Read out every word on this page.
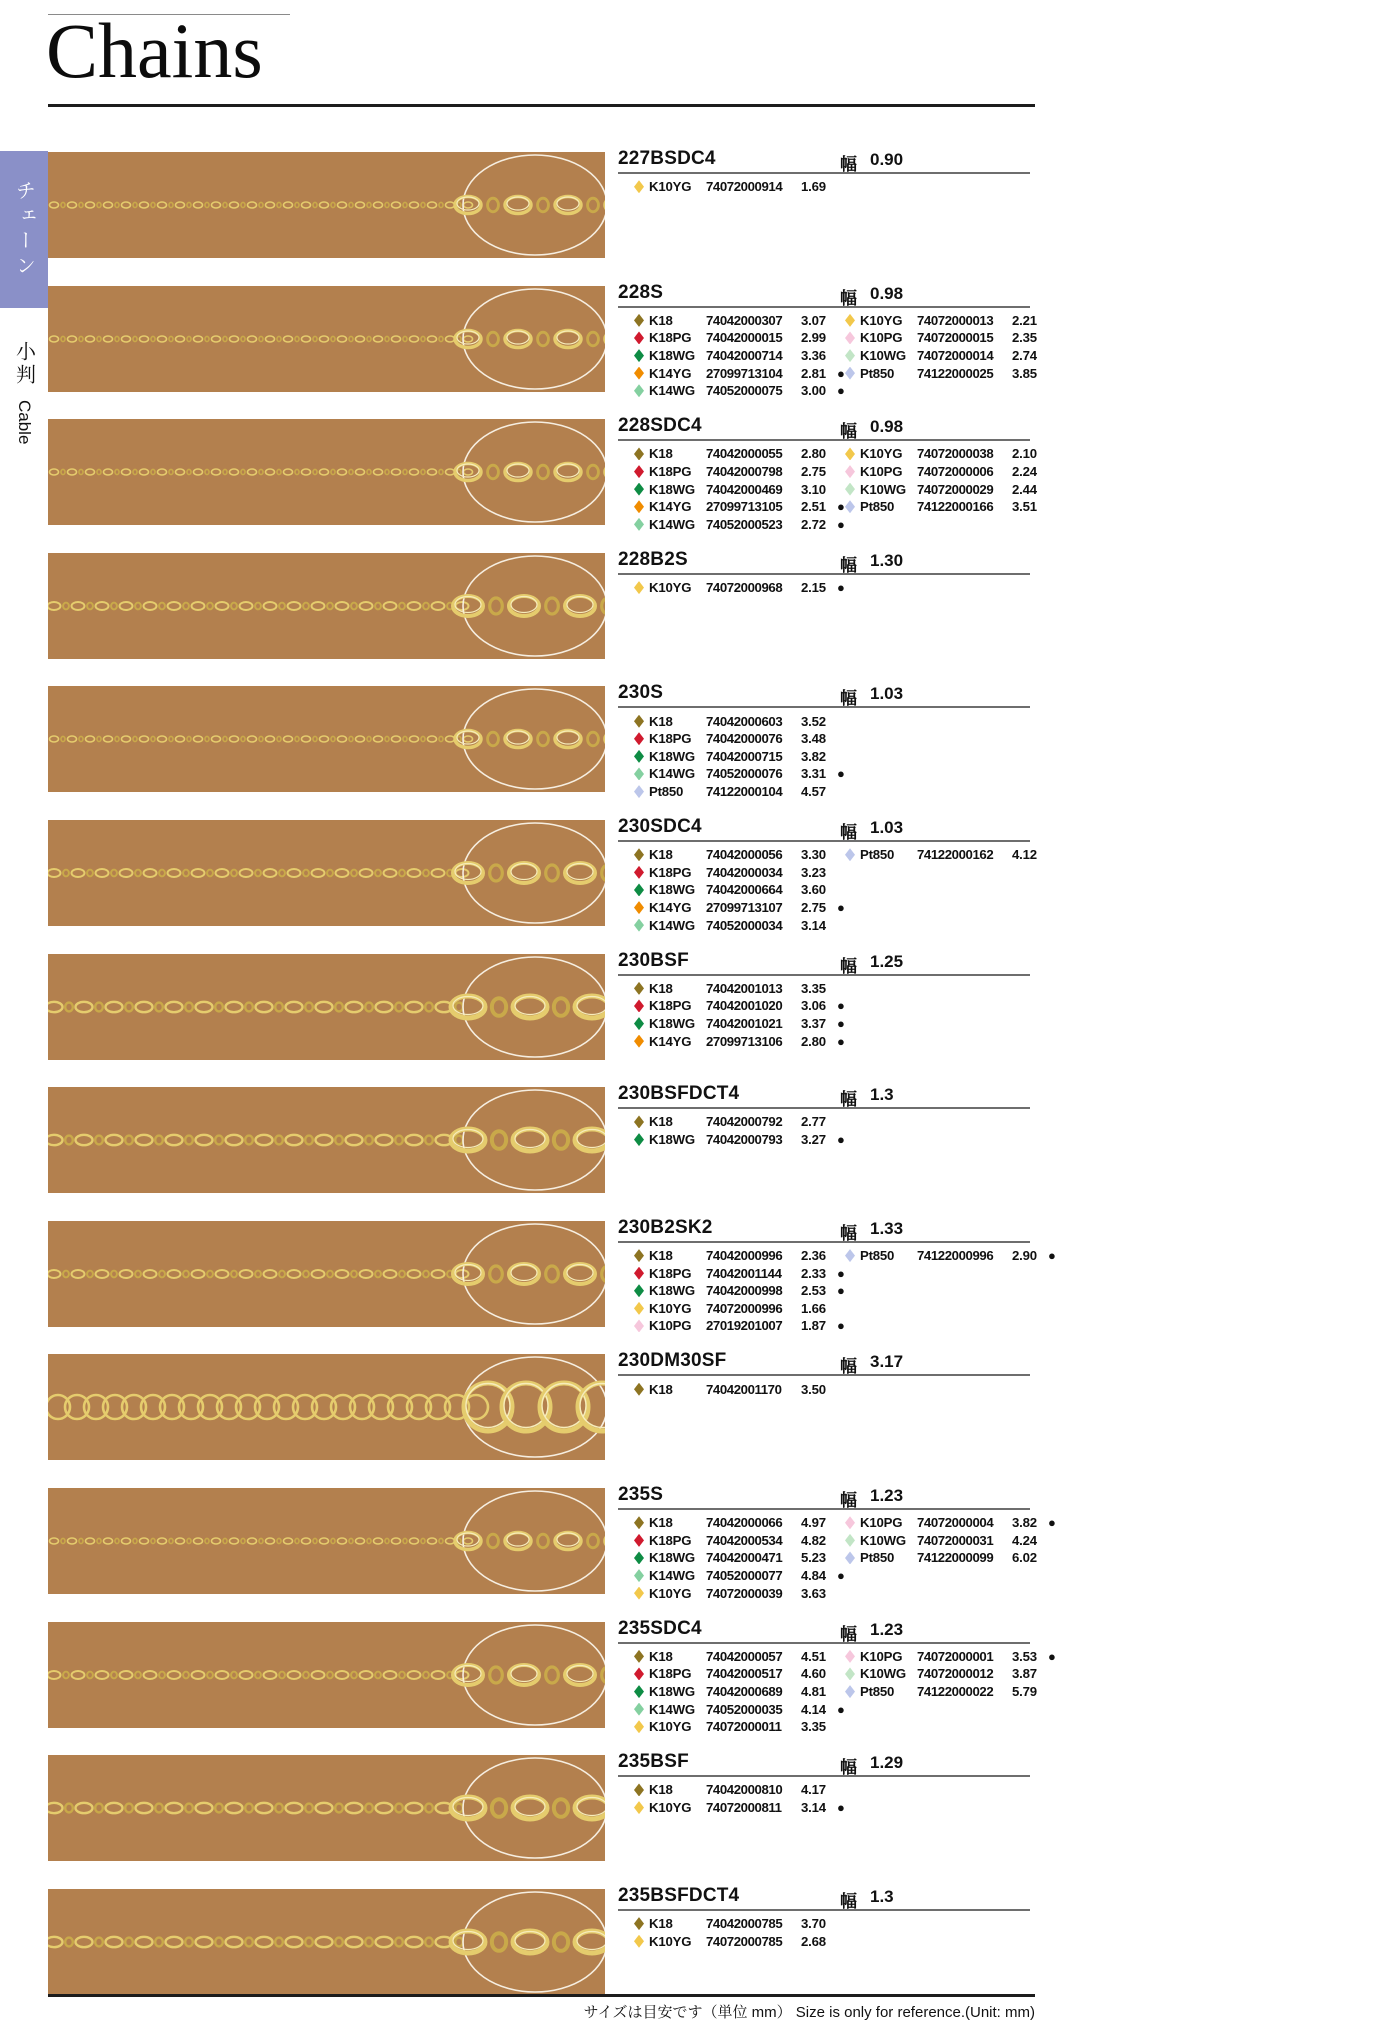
Chains
チェーン
小判
Cable
227BSDC4	幅 0.90
K10YG	74072000914	1.69
228S	幅 0.98
K18	74042000307	3.07
K18PG	74042000015	2.99
K18WG 74042000714	3.36
K14YG	27099713104	2.81 ●
K14WG 74052000075	3.00 ●
K10YG	74072000013	2.21
K10PG	74072000015	2.35
K10WG 74072000014	2.74
Pt850	74122000025	3.85
228SDC4	幅 0.98
K18	74042000055	2.80
K18PG	74042000798	2.75
K18WG 74042000469	3.10
K14YG	27099713105	2.51 ●
K14WG 74052000523	2.72 ●
K10YG	74072000038	2.10
K10PG	74072000006	2.24
K10WG 74072000029	2.44
Pt850	74122000166	3.51
228B2S	幅 1.30
K10YG	74072000968	2.15 ●
230S	幅 1.03
K18	74042000603	3.52
K18PG	74042000076	3.48
K18WG 74042000715	3.82
K14WG 74052000076	3.31 ●
Pt850	74122000104	4.57
230SDC4	幅 1.03
K18	74042000056	3.30
K18PG	74042000034	3.23
K18WG 74042000664	3.60
K14YG	27099713107	2.75 ●
K14WG 74052000034	3.14
Pt850	74122000162	4.12
230BSF	幅 1.25
K18	74042001013	3.35
K18PG	74042001020	3.06 ●
K18WG 74042001021	3.37 ●
K14YG	27099713106	2.80 ●
230BSFDCT4	幅 1.3
K18	74042000792	2.77
K18WG 74042000793	3.27 ●
230B2SK2	幅 1.33
K18	74042000996	2.36
K18PG	74042001144	2.33 ●
K18WG 74042000998	2.53 ●
K10YG	74072000996	1.66
K10PG	27019201007	1.87 ●
Pt850	74122000996	2.90 ●
230DM30SF	幅 3.17
K18	74042001170	3.50
235S	幅 1.23
K18	74042000066	4.97
K18PG	74042000534	4.82
K18WG 74042000471	5.23
K14WG 74052000077	4.84 ●
K10YG	74072000039	3.63
K10PG	74072000004	3.82 ●
K10WG 74072000031	4.24
Pt850	74122000099	6.02
235SDC4	幅 1.23
K18	74042000057	4.51
K18PG	74042000517	4.60
K18WG 74042000689	4.81
K14WG 74052000035	4.14 ●
K10YG	74072000011	3.35
K10PG	74072000001	3.53 ●
K10WG 74072000012	3.87
Pt850	74122000022	5.79
235BSF	幅 1.29
K18	74042000810	4.17
K10YG	74072000811	3.14 ●
235BSFDCT4	幅 1.3
K18	74042000785	3.70
K10YG	74072000785	2.68
サイズは目安です（単位 mm） Size is only for reference.(Unit: mm)
